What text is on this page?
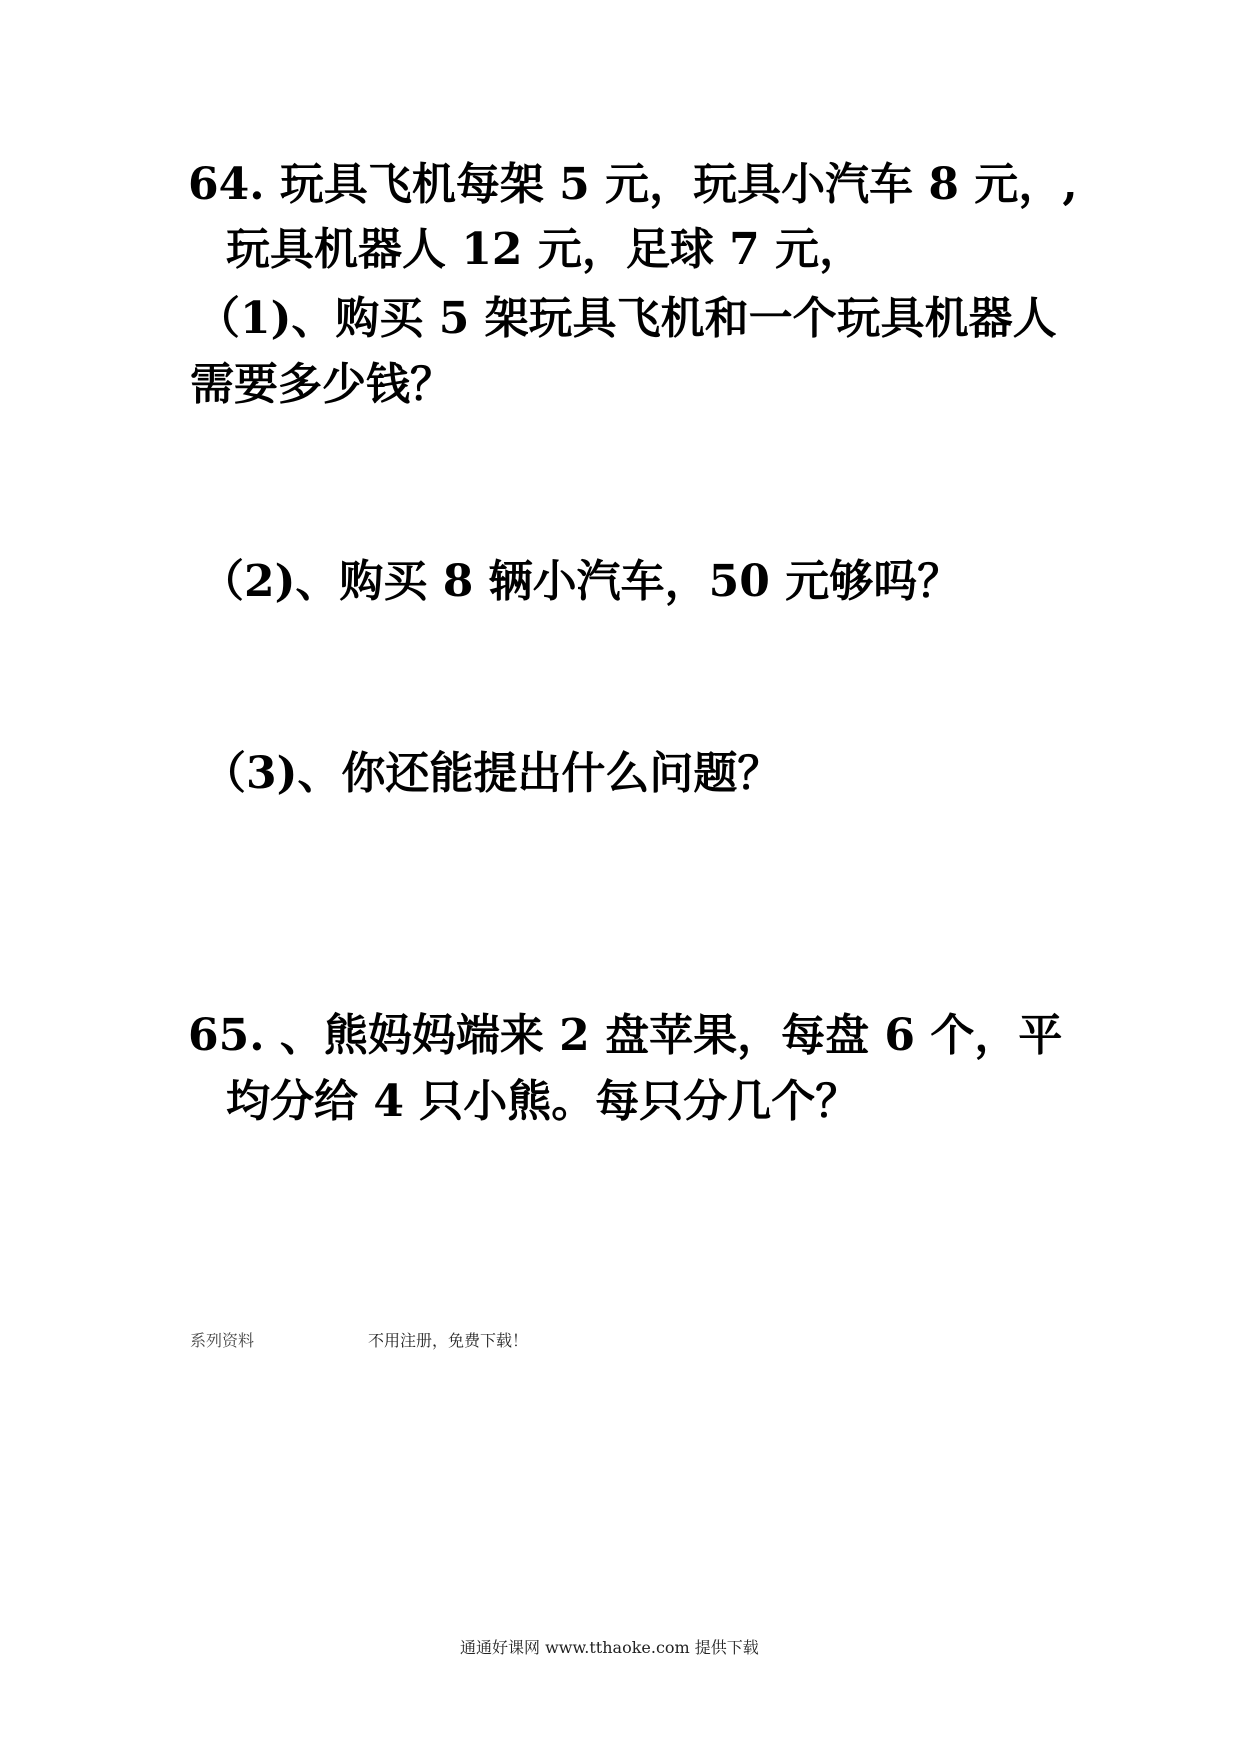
64. 玩具飞机每架 5 元，玩具小汽车 8 元，,
玩具机器人 12 元，足球 7 元，
（1)、购买 5 架玩具飞机和一个玩具机器人
需要多少钱？
（2)、购买 8 辆小汽车，50 元够吗？
（3)、你还能提出什么问题？
65. 、熊妈妈端来 2 盘苹果，每盘 6 个，平
均分给 4 只小熊。每只分几个？
系列资料	不用注册，免费下载！
通通好课网 www.tthaoke.com 提供下载
